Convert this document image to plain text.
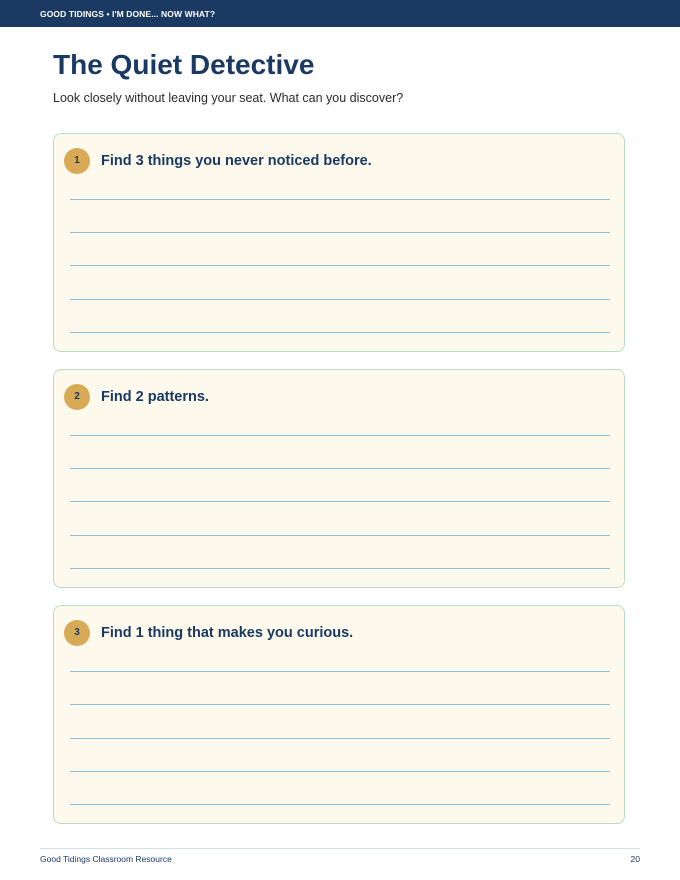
GOOD TIDINGS • I'M DONE... NOW WHAT?
The Quiet Detective
Look closely without leaving your seat. What can you discover?
1	Find 3 things you never noticed before.
2	Find 2 patterns.
3	Find 1 thing that makes you curious.
Good Tidings Classroom Resource	20
